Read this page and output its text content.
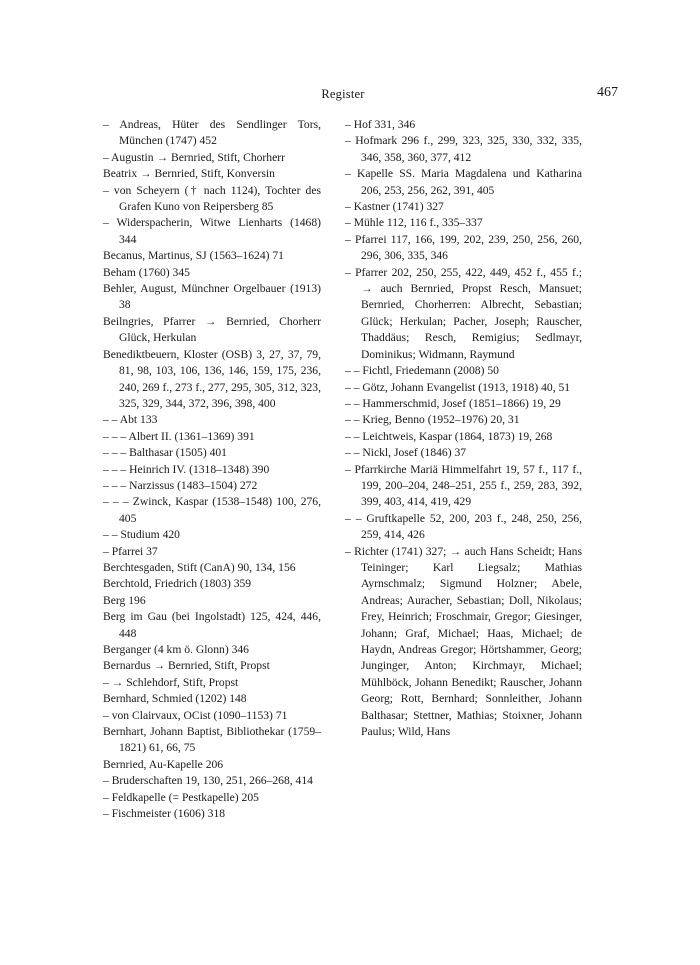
Register	467

– Andreas, Hüter des Sendlinger Tors, München (1747) 452

– Augustin → Bernried, Stift, Chorherr

Beatrix → Bernried, Stift, Konversin

– von Scheyern († nach 1124), Tochter des Grafen Kuno von Reipersberg 85

– Widerspacherin, Witwe Lienharts (1468) 344

Becanus, Martinus, SJ (1563–1624) 71

Beham (1760) 345

Behler, August, Münchner Orgelbauer (1913) 38

Beilngries, Pfarrer → Bernried, Chorherr Glück, Herkulan

Benediktbeuern, Kloster (OSB) 3, 27, 37, 79, 81, 98, 103, 106, 136, 146, 159, 175, 236, 240, 269 f., 273 f., 277, 295, 305, 312, 323, 325, 329, 344, 372, 396, 398, 400

– – Abt 133

– – – Albert II. (1361–1369) 391

– – – Balthasar (1505) 401

– – – Heinrich IV. (1318–1348) 390

– – – Narzissus (1483–1504) 272

– – – Zwinck, Kaspar (1538–1548) 100, 276, 405

– – Studium 420

– Pfarrei 37

Berchtesgaden, Stift (CanA) 90, 134, 156

Berchtold, Friedrich (1803) 359

Berg 196

Berg im Gau (bei Ingolstadt) 125, 424, 446, 448

Berganger (4 km ö. Glonn) 346

Bernardus → Bernried, Stift, Propst

– → Schlehdorf, Stift, Propst

Bernhard, Schmied (1202) 148

– von Clairvaux, OCist (1090–1153) 71

Bernhart, Johann Baptist, Bibliothekar (1759–1821) 61, 66, 75

Bernried, Au-Kapelle 206

– Bruderschaften 19, 130, 251, 266–268, 414

– Feldkapelle (= Pestkapelle) 205

– Fischmeister (1606) 318

– Hof 331, 346

– Hofmark 296 f., 299, 323, 325, 330, 332, 335, 346, 358, 360, 377, 412

– Kapelle SS. Maria Magdalena und Katharina 206, 253, 256, 262, 391, 405

– Kastner (1741) 327

– Mühle 112, 116 f., 335–337

– Pfarrei 117, 166, 199, 202, 239, 250, 256, 260, 296, 306, 335, 346

– Pfarrer 202, 250, 255, 422, 449, 452 f., 455 f.; → auch Bernried, Propst Resch, Mansuet; Bernried, Chorherren: Albrecht, Sebastian; Glück; Herkulan; Pacher, Joseph; Rauscher, Thaddäus; Resch, Remigius; Sedlmayr, Dominikus; Widmann, Raymund

– – Fichtl, Friedemann (2008) 50

– – Götz, Johann Evangelist (1913, 1918) 40, 51

– – Hammerschmid, Josef (1851–1866) 19, 29

– – Krieg, Benno (1952–1976) 20, 31

– – Leichtweis, Kaspar (1864, 1873) 19, 268

– – Nickl, Josef (1846) 37

– Pfarrkirche Mariä Himmelfahrt 19, 57 f., 117 f., 199, 200–204, 248–251, 255 f., 259, 283, 392, 399, 403, 414, 419, 429

– – Gruftkapelle 52, 200, 203 f., 248, 250, 256, 259, 414, 426

– Richter (1741) 327; → auch Hans Scheidt; Hans Teininger; Karl Liegsalz; Mathias Ayrnschmalz; Sigmund Holzner; Abele, Andreas; Auracher, Sebastian; Doll, Nikolaus; Frey, Heinrich; Froschmair, Gregor; Giesinger, Johann; Graf, Michael; Haas, Michael; de Haydn, Andreas Gregor; Hörtshammer, Georg; Junginger, Anton; Kirchmayr, Michael; Mühlböck, Johann Benedikt; Rauscher, Johann Georg; Rott, Bernhard; Sonnleither, Johann Balthasar; Stettner, Mathias; Stoixner, Johann Paulus; Wild, Hans
